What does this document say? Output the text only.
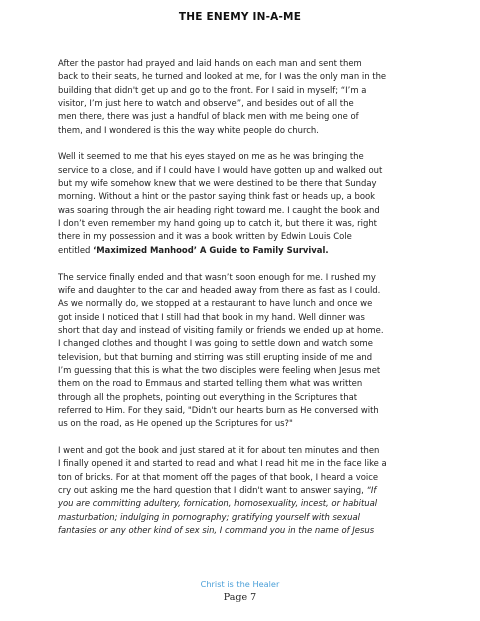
THE ENEMY IN-A-ME

After the pastor had prayed and laid hands on each man and sent them
back to their seats, he turned and looked at me, for I was the only man in the
building that didn't get up and go to the front. For I said in myself; “I’m a
visitor, I’m just here to watch and observe”, and besides out of all the
men there, there was just a handful of black men with me being one of
them, and I wondered is this the way white people do church.

Well it seemed to me that his eyes stayed on me as he was bringing the
service to a close, and if I could have I would have gotten up and walked out
but my wife somehow knew that we were destined to be there that Sunday
morning. Without a hint or the pastor saying think fast or heads up, a book
was soaring through the air heading right toward me. I caught the book and
I don’t even remember my hand going up to catch it, but there it was, right
there in my possession and it was a book written by Edwin Louis Cole
entitled ‘Maximized Manhood’ A Guide to Family Survival.

The service finally ended and that wasn’t soon enough for me. I rushed my
wife and daughter to the car and headed away from there as fast as I could.
As we normally do, we stopped at a restaurant to have lunch and once we
got inside I noticed that I still had that book in my hand. Well dinner was
short that day and instead of visiting family or friends we ended up at home.
I changed clothes and thought I was going to settle down and watch some
television, but that burning and stirring was still erupting inside of me and
I’m guessing that this is what the two disciples were feeling when Jesus met
them on the road to Emmaus and started telling them what was written
through all the prophets, pointing out everything in the Scriptures that
referred to Him. For they said, "Didn't our hearts burn as He conversed with
us on the road, as He opened up the Scriptures for us?"

I went and got the book and just stared at it for about ten minutes and then
I finally opened it and started to read and what I read hit me in the face like a
ton of bricks. For at that moment off the pages of that book, I heard a voice
cry out asking me the hard question that I didn't want to answer saying, “If
you are committing adultery, fornication, homosexuality, incest, or habitual
masturbation; indulging in pornography; gratifying yourself with sexual
fantasies or any other kind of sex sin, I command you in the name of Jesus

Christ is the Healer
Page 7
